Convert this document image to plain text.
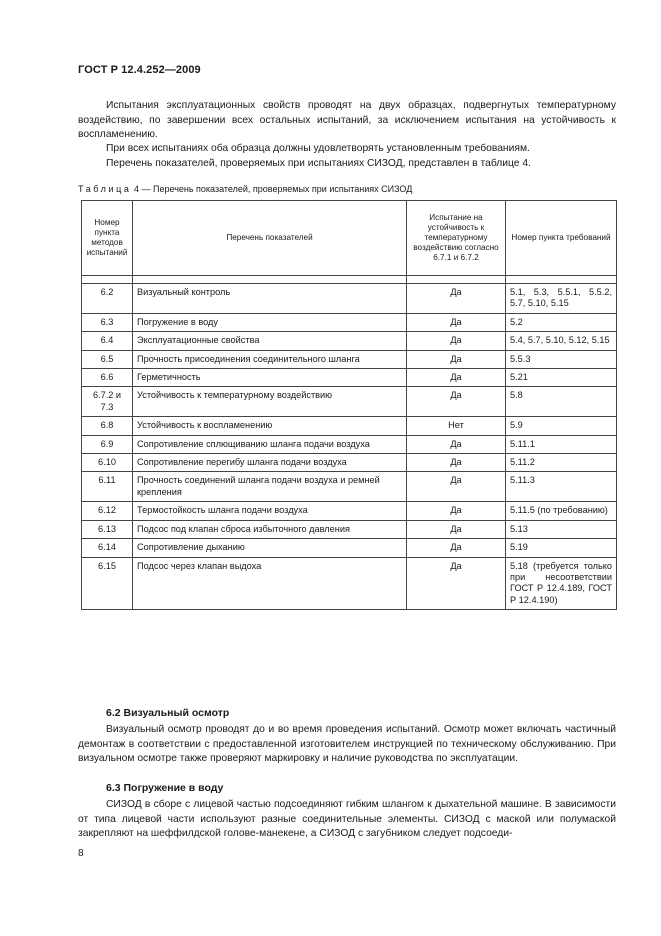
ГОСТ Р 12.4.252—2009

Испытания эксплуатационных свойств проводят на двух образцах, подвергнутых температурному воздействию, по завершении всех остальных испытаний, за исключением испытания на устойчивость к воспламенению.

При всех испытаниях оба образца должны удовлетворять установленным требованиям.

Перечень показателей, проверяемых при испытаниях СИЗОД, представлен в таблице 4.

Таблица 4 — Перечень показателей, проверяемых при испытаниях СИЗОД
Номер пункта методов испытаний	Перечень показателей	Испытание на устойчивость к температурному воздействию согласно 6.7.1 и 6.7.2	Номер пункта требований

6.2	Визуальный контроль	Да	5.1, 5.3, 5.5.1, 5.5.2, 5.7, 5.10, 5.15
6.3	Погружение в воду	Да	5.2
6.4	Эксплуатационные свойства	Да	5.4, 5.7, 5.10, 5.12, 5.15
6.5	Прочность присоединения соединительного шланга	Да	5.5.3
6.6	Герметичность	Да	5.21
6.7.2 и 7.3	Устойчивость к температурному воздействию	Да	5.8
6.8	Устойчивость к воспламенению	Нет	5.9
6.9	Сопротивление сплющиванию шланга подачи воздуха	Да	5.11.1
6.10	Сопротивление перегибу шланга подачи воздуха	Да	5.11.2
6.11	Прочность соединений шланга подачи воздуха и ремней крепления	Да	5.11.3
6.12	Термостойкость шланга подачи воздуха	Да	5.11.5 (по требованию)
6.13	Подсос под клапан сброса избыточного давления	Да	5.13
6.14	Сопротивление дыханию	Да	5.19
6.15	Подсос через клапан выдоха	Да	5.18 (требуется только при несоответствии ГОСТ Р 12.4.189, ГОСТ Р 12.4.190)
6.2 Визуальный осмотр

Визуальный осмотр проводят до и во время проведения испытаний. Осмотр может включать частичный демонтаж в соответствии с предоставленной изготовителем инструкцией по техническому обслуживанию. При визуальном осмотре также проверяют маркировку и наличие руководства по эксплуатации.

6.3 Погружение в воду

СИЗОД в сборе с лицевой частью подсоединяют гибким шлангом к дыхательной машине. В зависимости от типа лицевой части используют разные соединительные элементы. СИЗОД с маской или полумаской закрепляют на шеффилдской голове-манекене, а СИЗОД с загубником следует подсоеди-

8
